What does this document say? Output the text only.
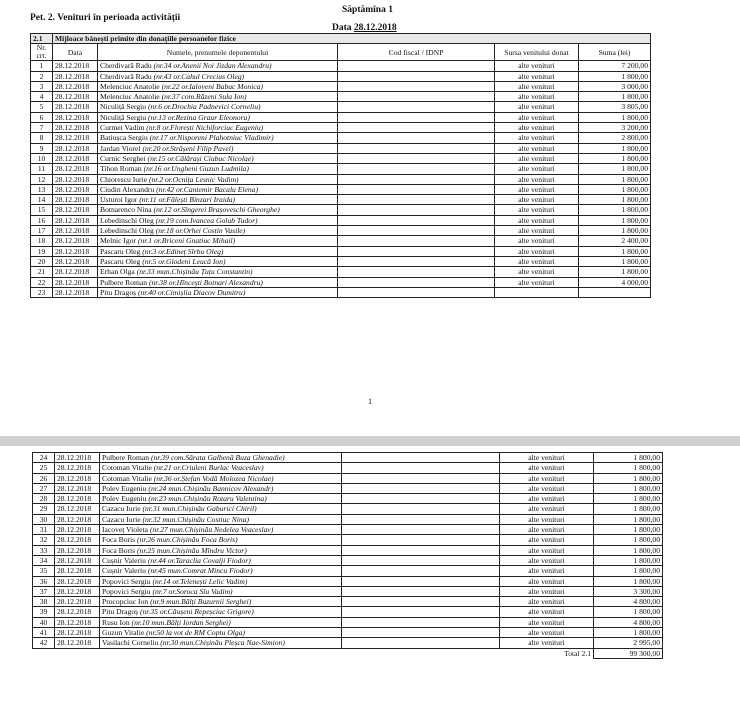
Pet. 2. Venituri în perioada activității
Săptămîna 1
Data 28.12.2018
2.1	Mijloace bănești primite din donațiile persoanelor fizice				
Nr. crt.	Data	Numele, prenumele deponentului	Cod fiscal / IDNP	Sursa venitului donat	Suma (lei)
1	28.12.2018	Cherdivară Radu (nr.34 or.Anenii Noi Jizdan Alexandru)		alte venituri	7 200,00
2	28.12.2018	Cherdivară Radu (nr.43 or.Cahul Crecius Oleg)		alte venituri	1 800,00
3	28.12.2018	Melenciuc Anatolie (nr.22 or.Ialoveni Babuc Monica)		alte venituri	3 000,00
4	28.12.2018	Melenciuc Anatolie (nr.37 com.Răzeni Sula Ion)		alte venituri	1 800,00
5	28.12.2018	Niculiță Sergiu (nr.6 or.Drochia Padnevici Corneliu)		alte venituri	3 805,00
6	28.12.2018	Niculiță Sergiu (nr.13 or.Rezina Graur Eleonora)		alte venituri	1 800,00
7	28.12.2018	Curmei Vadim (nr.8 or.Florești Nichiforciuc Eugeniu)		alte venituri	3 200,00
8	28.12.2018	Batiușca Sergiu (nr.17 or.Nisporeni Plahotniuc Vladimir)		alte venituri	2 800,00
9	28.12.2018	Jardan Viorel (nr.20 or.Strășeni Filip Pavel)		alte venituri	1 800,00
10	28.12.2018	Curnic Serghei (nr.15 or.Călărași Ciubuc Nicolae)		alte venituri	1 800,00
11	28.12.2018	Tihon Roman (nr.16 or.Ungheni Guzun Ludmila)		alte venituri	1 800,00
12	28.12.2018	Chiorescu Iurie (nr.2 or.Ocnița Lesnic Vadim)		alte venituri	1 800,00
13	28.12.2018	Ciudin Alexandru (nr.42 or.Cantemir Bacalu Elena)		alte venituri	1 800,00
14	28.12.2018	Usturoi Igor (nr.11 or.Fălești Binzari Iraida)		alte venituri	1 800,00
15	28.12.2018	Botnarenco Nina (nr.12 or.Sîngerei Brașoveschi Gheorghe)		alte venituri	1 800,00
16	28.12.2018	Lebedinschi Oleg (nr.19 com.Ivancea Golub Tudor)		alte venituri	1 800,00
17	28.12.2018	Lebedinschi Oleg (nr.18 or.Orhei Costin Vasile)		alte venituri	1 800,00
18	28.12.2018	Melnic Igor (nr.1 or.Briceni Gnatiuc Mihail)		alte venituri	2 400,00
19	28.12.2018	Pascaru Oleg (nr.3 or.Edineț Sîrbu Oleg)		alte venituri	1 800,00
20	28.12.2018	Pascaru Oleg (nr.5 or.Glodeni Leucă Ion)		alte venituri	1 800,00
21	28.12.2018	Erhan Olga (nr.33 mun.Chișinău Țuțu Constantin)		alte venituri	1 800,00
22	28.12.2018	Pulbere Roman (nr.38 or.Hîncești Botnari Alexandru)		alte venituri	4 000,00
23	28.12.2018	Pitu Dragoș (nr.40 or.Cimișlia Diacov Dumitru)			
1
24	28.12.2018	Pulbere Roman (nr.39 com.Sărata Galbenă Buza Ghenadie)		alte venituri	1 800,00
25	28.12.2018	Cotoman Vitalie (nr.21 or.Criuleni Burlac Veaceslav)		alte venituri	1 800,00
26	28.12.2018	Cotoman Vitalie (nr.36 or.Ștefan Vodă Molozea Nicolae)		alte venituri	1 800,00
27	28.12.2018	Polev Eugeniu (nr.24 mun.Chișinău Bannicov Alexandr)		alte venituri	1 800,00
28	28.12.2018	Polev Eugeniu (nr.23 mun.Chișinău Rotaru Valentina)		alte venituri	1 800,00
29	28.12.2018	Cazacu Iurie (nr.31 mun.Chișinău Gaburici Chiril)		alte venituri	1 800,00
30	28.12.2018	Cazacu Iurie (nr.32 mun.Chișinău Costiuc Nina)		alte venituri	1 800,00
31	28.12.2018	Iacoveț Violeta (nr.27 mun.Chișinău Nedelea Veaceslav)		alte venituri	1 800,00
32	28.12.2018	Foca Boris (nr.26 mun.Chișinău Foca Boris)		alte venituri	1 800,00
33	28.12.2018	Foca Boris (nr.25 mun.Chișinău Mîndru Victor)		alte venituri	1 800,00
34	28.12.2018	Cușnir Valeriu (nr.44 or.Taraclia Covalji Fiodor)		alte venituri	1 800,00
35	28.12.2018	Cușnir Valeriu (nr.45 mun.Comrat Mincu Fiodor)		alte venituri	1 800,00
36	28.12.2018	Popovici Sergiu (nr.14 or.Telenești Lelic Vadim)		alte venituri	1 800,00
37	28.12.2018	Popovici Sergiu (nr.7 or.Soroca Sîu Vadim)		alte venituri	3 300,00
38	28.12.2018	Procopciuc Ion (nr.9 mun.Bălți Buzurnii Serghei)		alte venituri	4 800,00
39	28.12.2018	Pitu Dragoș (nr.35 or.Căușeni Repeșciuc Grigore)		alte venituri	1 800,00
40	28.12.2018	Rusu Ion (nr.10 mun.Bălți Iordan Serghei)		alte venituri	4 800,00
41	28.12.2018	Guzun Vitalie (nr.50 la vot de RM Coptu Olga)		alte venituri	1 800,00
42	28.12.2018	Vasilachi Corneliu (nr.30 mun.Chișinău Pleșca Nae-Simion)		alte venituri	2 995,00
Total 2.1					99 300,00
